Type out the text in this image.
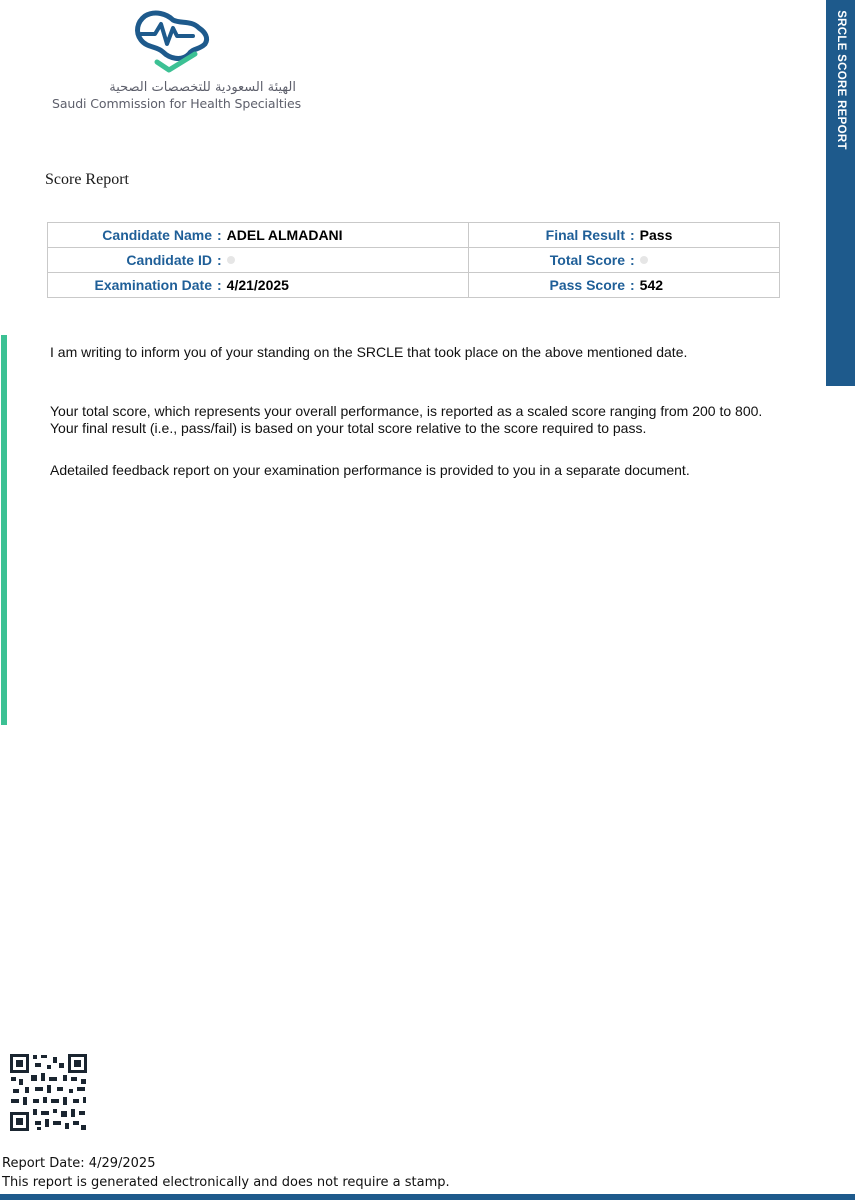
الهيئة السعودية للتخصصات الصحية
Saudi Commission for Health Specialties	SRCLE SCORE REPORT
Score Report
Candidate Name : ADEL ALMADANI	Final Result : Pass

Candidate ID :	Total Score :

Examination Date : 4/21/2025	Pass Score : 542

I am writing to inform you of your standing on the SRCLE that took place on the above mentioned date.

Your total score, which represents your overall performance, is reported as a scaled score ranging from 200 to 800. Your final result (i.e., pass/fail) is based on your total score relative to the score required to pass.

Adetailed feedback report on your examination performance is provided to you in a separate document.

Report Date: 4/29/2025
This report is generated electronically and does not require a stamp.
